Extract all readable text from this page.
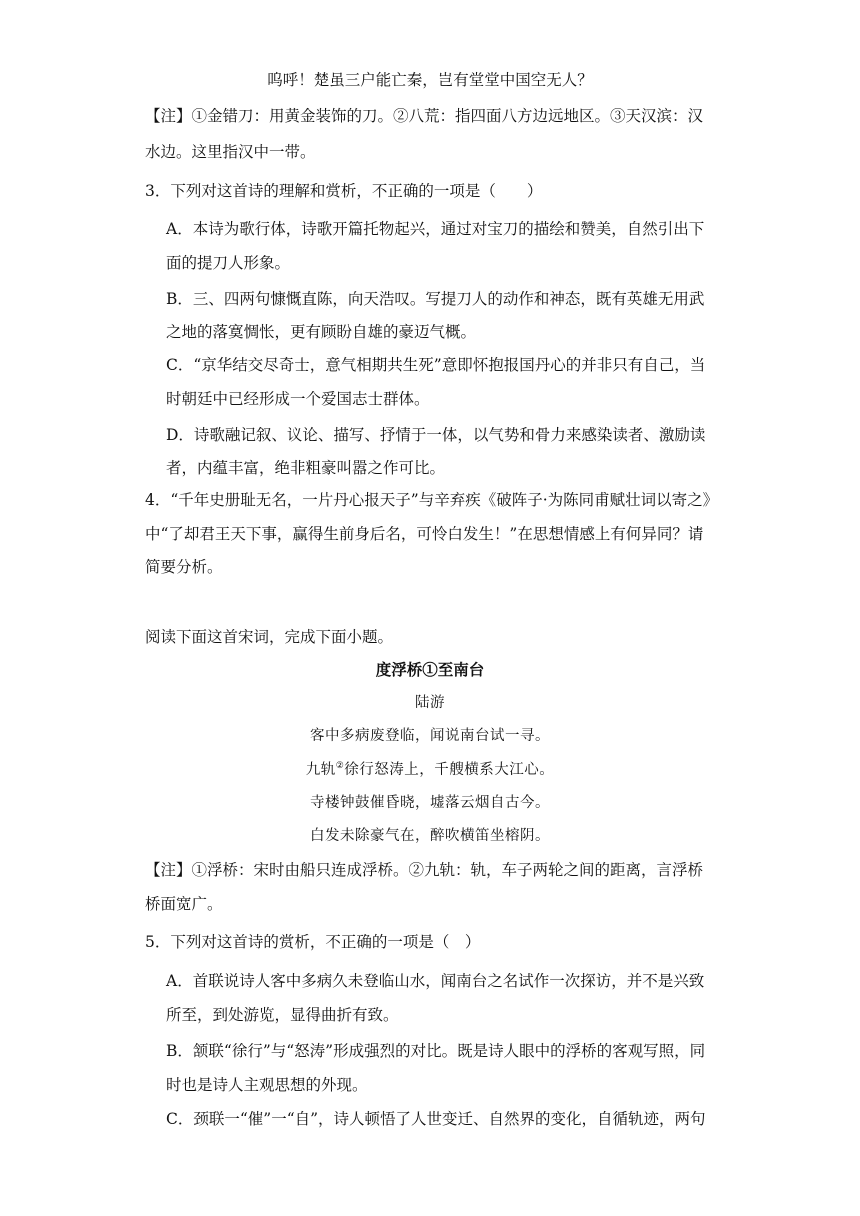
呜呼！楚虽三户能亡秦，岂有堂堂中国空无人？
【注】①金错刀：用黄金装饰的刀。②八荒：指四面八方边远地区。③天汉滨：汉
水边。这里指汉中一带。
3．下列对这首诗的理解和赏析，不正确的一项是（　　）
A．本诗为歌行体，诗歌开篇托物起兴，通过对宝刀的描绘和赞美，自然引出下
面的提刀人形象。
B．三、四两句慷慨直陈，向天浩叹。写提刀人的动作和神态，既有英雄无用武
之地的落寞惆怅，更有顾盼自雄的豪迈气概。
C．“京华结交尽奇士，意气相期共生死”意即怀抱报国丹心的并非只有自己，当
时朝廷中已经形成一个爱国志士群体。
D．诗歌融记叙、议论、描写、抒情于一体，以气势和骨力来感染读者、激励读
者，内蕴丰富，绝非粗豪叫嚣之作可比。
4．“千年史册耻无名，一片丹心报天子”与辛弃疾《破阵子·为陈同甫赋壮词以寄之》
中“了却君王天下事，赢得生前身后名，可怜白发生！”在思想情感上有何异同？请
简要分析。
阅读下面这首宋词，完成下面小题。
度浮桥①至南台
陆游
客中多病废登临，闻说南台试一寻。
九轨②徐行怒涛上，千艘横系大江心。
寺楼钟鼓催昏晓，墟落云烟自古今。
白发未除豪气在，醉吹横笛坐榕阴。
【注】①浮桥：宋时由船只连成浮桥。②九轨：轨，车子两轮之间的距离，言浮桥
桥面宽广。
5．下列对这首诗的赏析，不正确的一项是（　）
A．首联说诗人客中多病久未登临山水，闻南台之名试作一次探访，并不是兴致
所至，到处游览，显得曲折有致。
B．颔联“徐行”与“怒涛”形成强烈的对比。既是诗人眼中的浮桥的客观写照，同
时也是诗人主观思想的外现。
C．颈联一“催”一“自”，诗人顿悟了人世变迁、自然界的变化，自循轨迹，两句
